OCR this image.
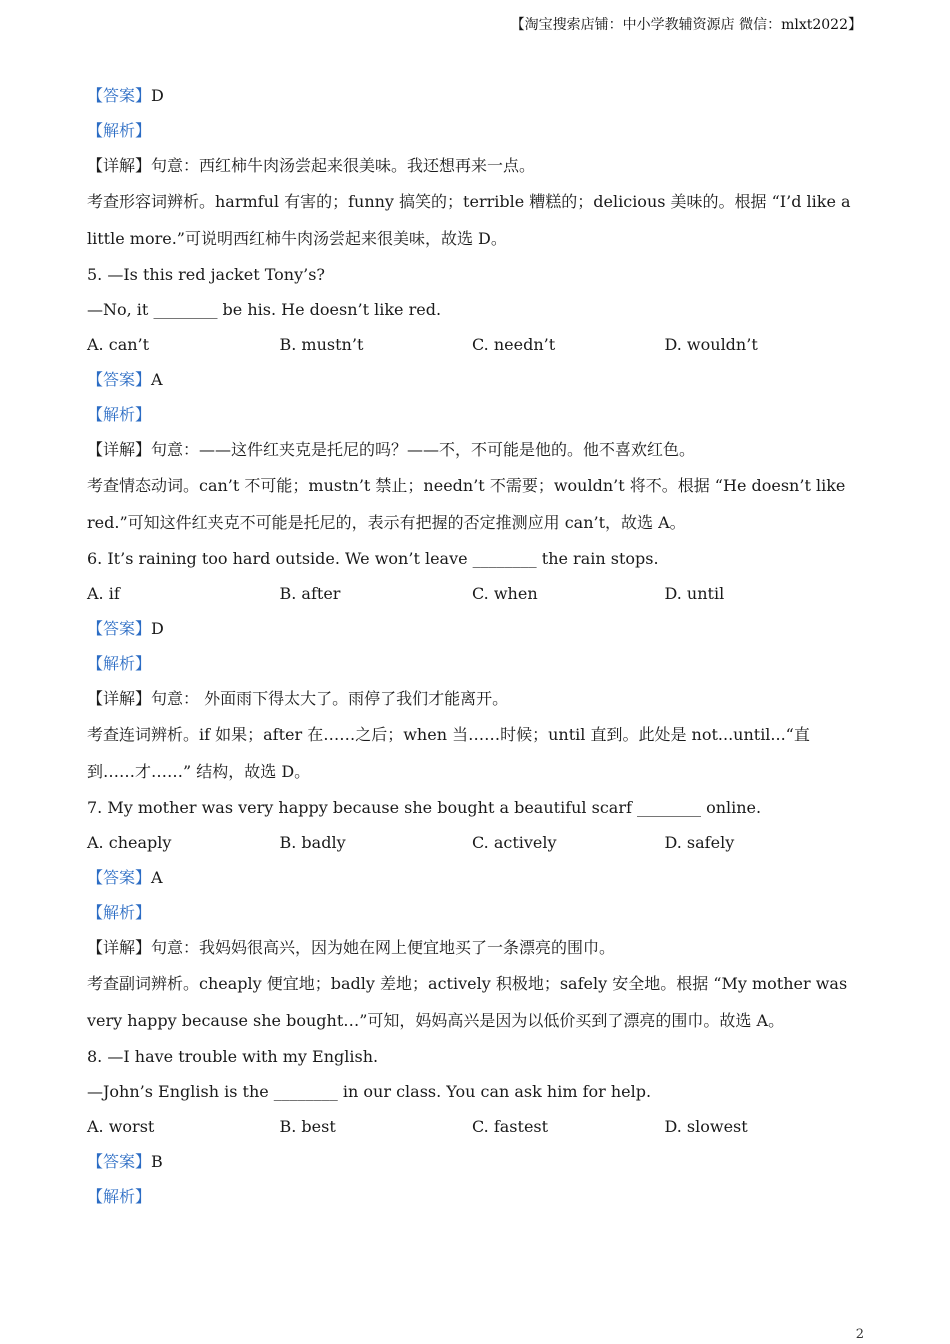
【淘宝搜索店铺：中小学教辅资源店 微信：mlxt2022】
【答案】D
【解析】
【详解】句意：西红柿牛肉汤尝起来很美味。我还想再来一点。
考查形容词辨析。harmful 有害的；funny 搞笑的；terrible 糟糕的；delicious 美味的。根据 “I’d like a little more.”可说明西红柿牛肉汤尝起来很美味，故选 D。
5. —Is this red jacket Tony’s?
—No, it ________ be his. He doesn’t like red.
A. can’t	B. mustn’t	C. needn’t	D. wouldn’t
【答案】A
【解析】
【详解】句意：——这件红夹克是托尼的吗？——不，不可能是他的。他不喜欢红色。
考查情态动词。can’t 不可能；mustn’t 禁止；needn’t 不需要；wouldn’t 将不。根据 “He doesn’t like red.”可知这件红夹克不可能是托尼的，表示有把握的否定推测应用 can’t，故选 A。
6. It’s raining too hard outside. We won’t leave ________ the rain stops.
A. if	B. after	C. when	D. until
【答案】D
【解析】
【详解】句意： 外面雨下得太大了。雨停了我们才能离开。
考查连词辨析。if 如果；after 在……之后；when 当……时候；until 直到。此处是 not...until...“直到……才……” 结构，故选 D。
7. My mother was very happy because she bought a beautiful scarf ________ online.
A. cheaply	B. badly	C. actively	D. safely
【答案】A
【解析】
【详解】句意：我妈妈很高兴，因为她在网上便宜地买了一条漂亮的围巾。
考查副词辨析。cheaply 便宜地；badly 差地；actively 积极地；safely 安全地。根据 “My mother was very happy because she bought…”可知，妈妈高兴是因为以低价买到了漂亮的围巾。故选 A。
8. —I have trouble with my English.
—John’s English is the ________ in our class. You can ask him for help.
A. worst	B. best	C. fastest	D. slowest
【答案】B
【解析】
2
